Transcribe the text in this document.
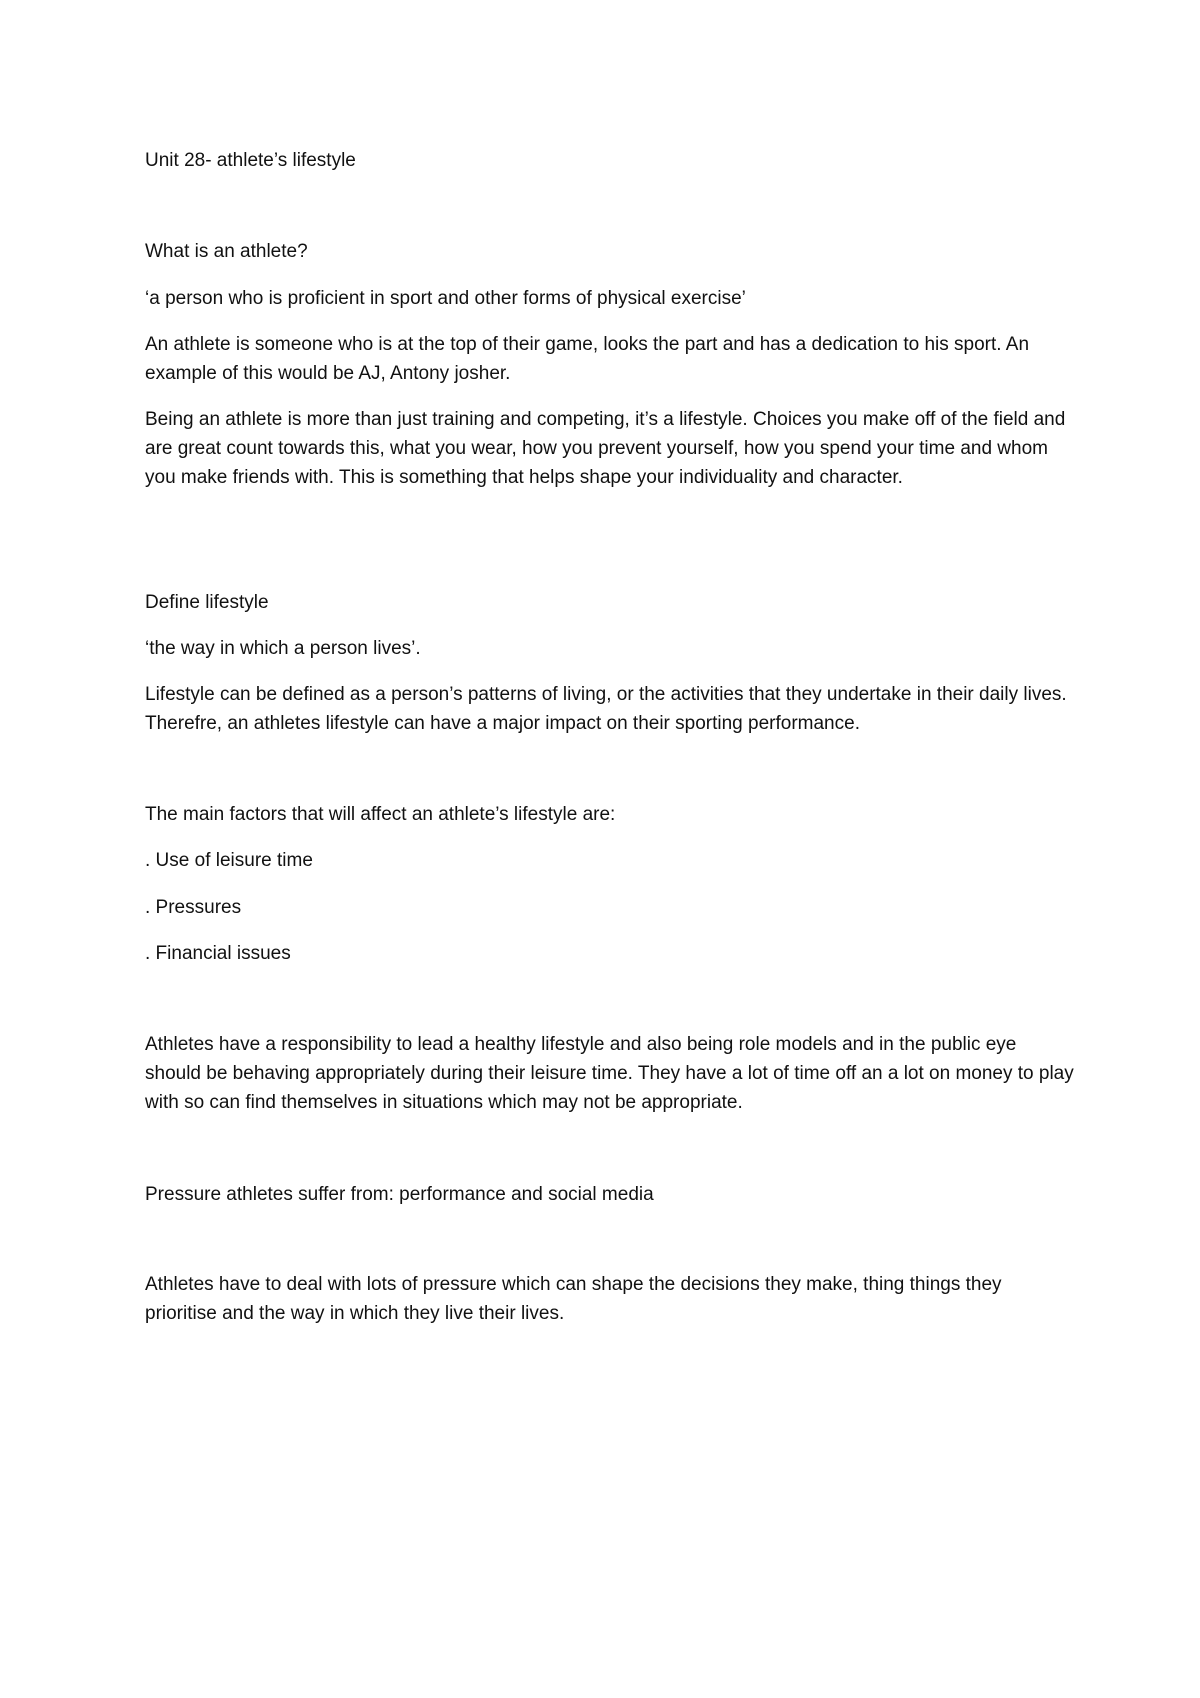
Unit 28- athlete’s lifestyle

What is an athlete?

‘a person who is proficient in sport and other forms of physical exercise’

An athlete is someone who is at the top of their game, looks the part and has a dedication to his sport. An example of this would be AJ, Antony josher.

Being an athlete is more than just training and competing, it’s a lifestyle. Choices you make off of the field and are great count towards this, what you wear, how you prevent yourself, how you spend your time and whom you make friends with. This is something that helps shape your individuality and character.

Define lifestyle

‘the way in which a person lives’.

Lifestyle can be defined as a person’s patterns of living, or the activities that they undertake in their daily lives. Therefre, an athletes lifestyle can have a major impact on their sporting performance.

The main factors that will affect an athlete’s lifestyle are:

. Use of leisure time

. Pressures

. Financial issues

Athletes have a responsibility to lead a healthy lifestyle and also being role models and in the public eye should be behaving appropriately during their leisure time. They have a lot of time off an a lot on money to play with so can find themselves in situations which may not be appropriate.

Pressure athletes suffer from: performance and social media

Athletes have to deal with lots of pressure which can shape the decisions they make, thing things they prioritise and the way in which they live their lives.
